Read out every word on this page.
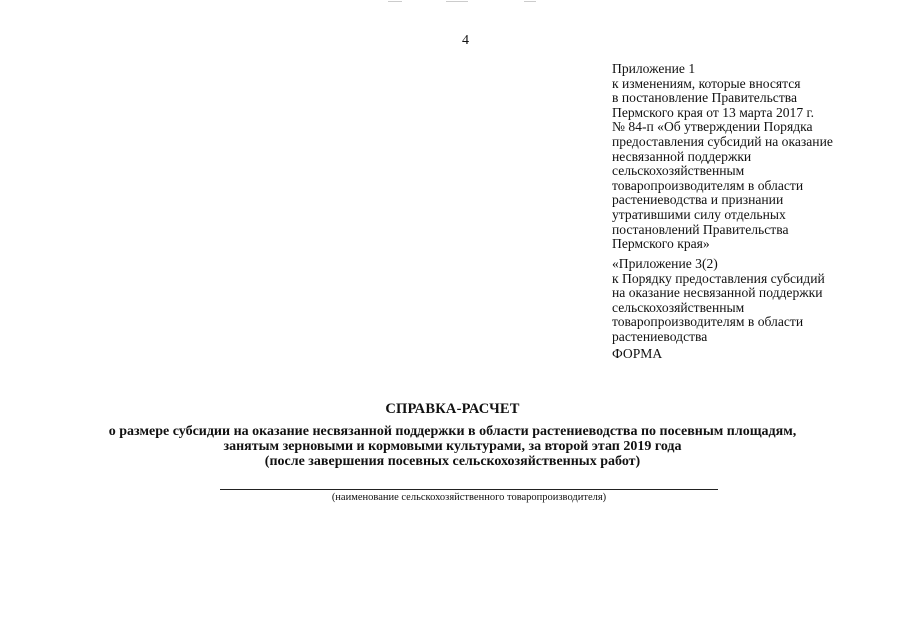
4
Приложение 1
к изменениям, которые вносятся
в постановление Правительства
Пермского края от 13 марта 2017 г.
№ 84-п «Об утверждении Порядка
предоставления субсидий на оказание
несвязанной поддержки
сельскохозяйственным
товаропроизводителям в области
растениеводства и признании
утратившими силу отдельных
постановлений Правительства
Пермского края»
«Приложение 3(2)
к Порядку предоставления субсидий
на оказание несвязанной поддержки
сельскохозяйственным
товаропроизводителям в области
растениеводства
ФОРМА
СПРАВКА-РАСЧЕТ
о размере субсидии на оказание несвязанной поддержки в области растениеводства по посевным площадям,
занятым зерновыми и кормовыми культурами, за второй этап 2019 года
(после завершения посевных сельскохозяйственных работ)
(наименование сельскохозяйственного товаропроизводителя)
